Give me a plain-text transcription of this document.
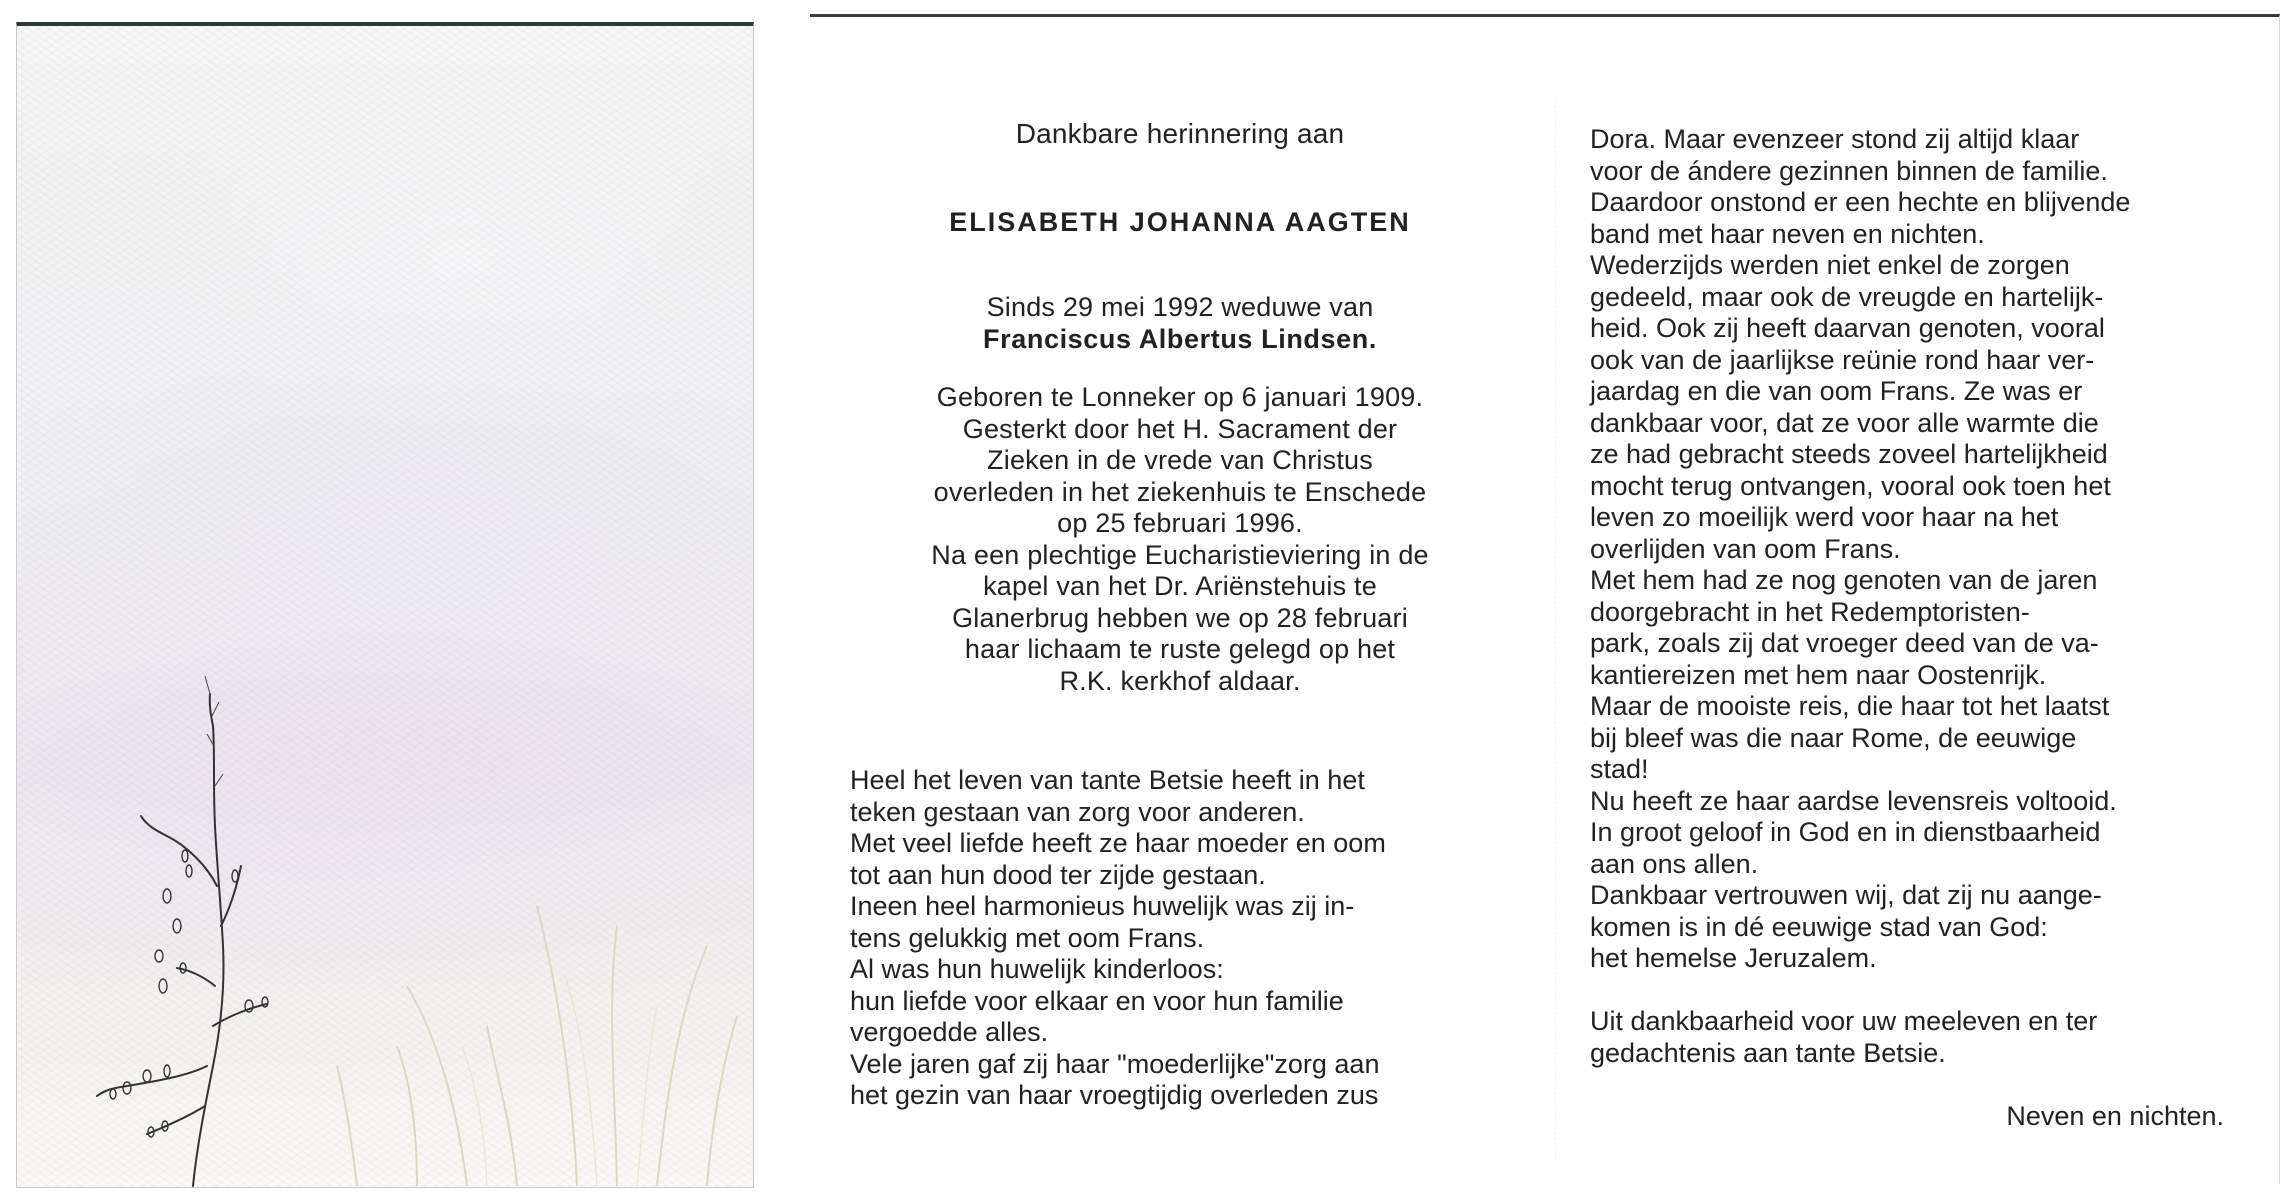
Dankbare herinnering aan

ELISABETH JOHANNA AAGTEN

Sinds 29 mei 1992 weduwe van

Franciscus Albertus Lindsen.

Geboren te Lonneker op 6 januari 1909.
Gesterkt door het H. Sacrament der
Zieken in de vrede van Christus
overleden in het ziekenhuis te Enschede
op 25 februari 1996.
Na een plechtige Eucharistieviering in de
kapel van het Dr. Ariënstehuis te
Glanerbrug hebben we op 28 februari
haar lichaam te ruste gelegd op het
R.K. kerkhof aldaar.
Heel het leven van tante Betsie heeft in het
teken gestaan van zorg voor anderen.
Met veel liefde heeft ze haar moeder en oom
tot aan hun dood ter zijde gestaan.
Ineen heel harmonieus huwelijk was zij in-
tens gelukkig met oom Frans.
Al was hun huwelijk kinderloos:
hun liefde voor elkaar en voor hun familie
vergoedde alles.
Vele jaren gaf zij haar "moederlijke"zorg aan
het gezin van haar vroegtijdig overleden zus
Dora. Maar evenzeer stond zij altijd klaar
voor de ándere gezinnen binnen de familie.
Daardoor onstond er een hechte en blijvende
band met haar neven en nichten.
Wederzijds werden niet enkel de zorgen
gedeeld, maar ook de vreugde en hartelijk-
heid. Ook zij heeft daarvan genoten, vooral
ook van de jaarlijkse reünie rond haar ver-
jaardag en die van oom Frans. Ze was er
dankbaar voor, dat ze voor alle warmte die
ze had gebracht steeds zoveel hartelijkheid
mocht terug ontvangen, vooral ook toen het
leven zo moeilijk werd voor haar na het
overlijden van oom Frans.
Met hem had ze nog genoten van de jaren
doorgebracht in het Redemptoristen-
park, zoals zij dat vroeger deed van de va-
kantiereizen met hem naar Oostenrijk.
Maar de mooiste reis, die haar tot het laatst
bij bleef was die naar Rome, de eeuwige
stad!
Nu heeft ze haar aardse levensreis voltooid.
In groot geloof in God en in dienstbaarheid
aan ons allen.
Dankbaar vertrouwen wij, dat zij nu aange-
komen is in dé eeuwige stad van God:
het hemelse Jeruzalem.
Uit dankbaarheid voor uw meeleven en ter
gedachtenis aan tante Betsie.
Neven en nichten.
